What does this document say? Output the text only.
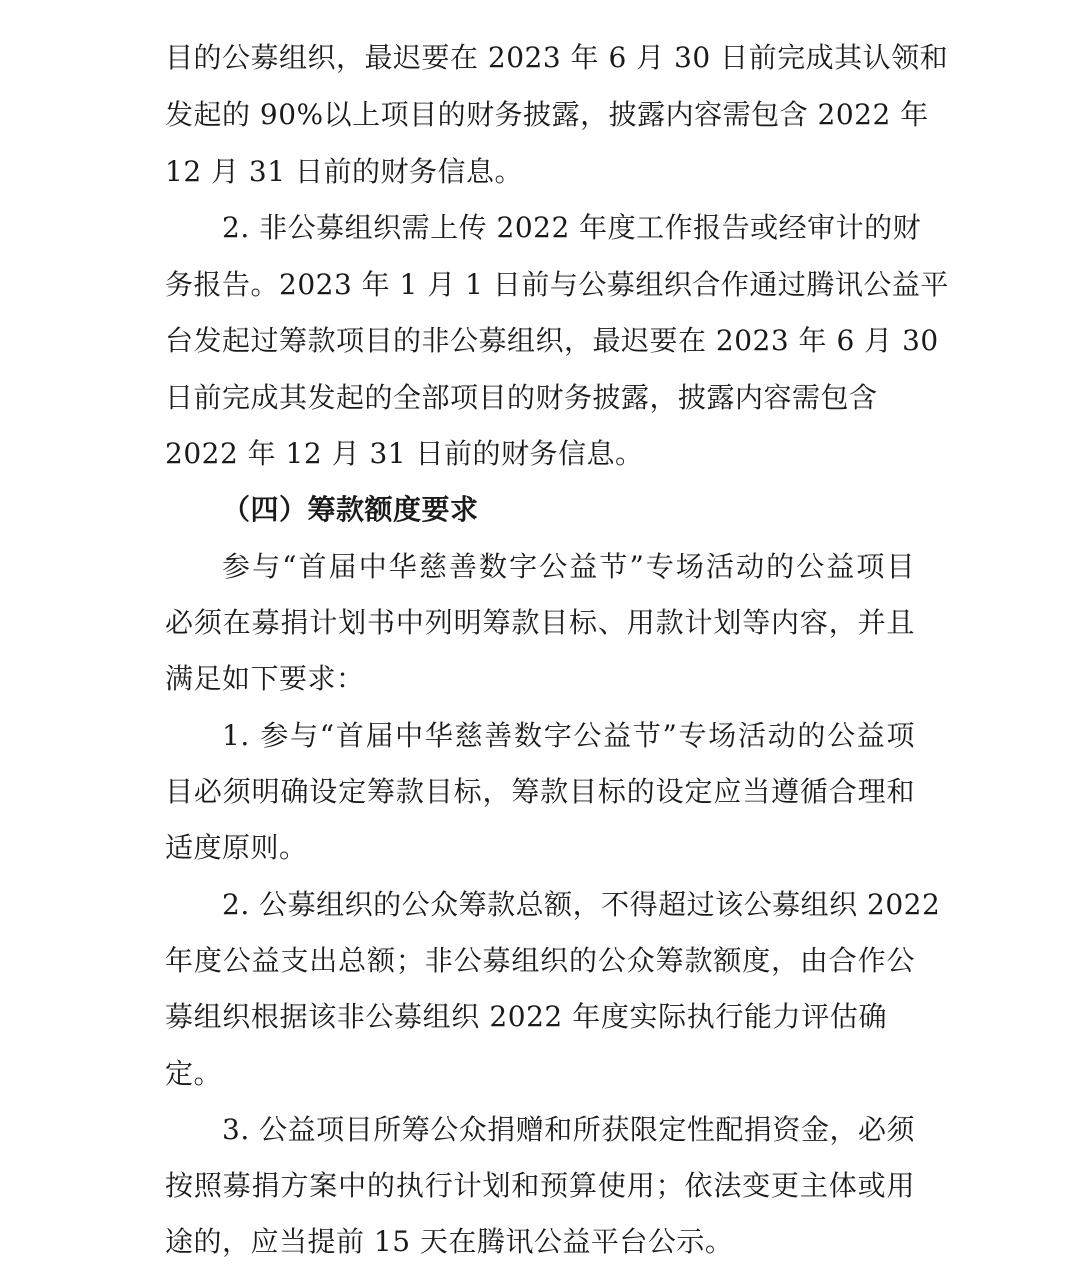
目的公募组织，最迟要在 2023 年 6 月 30 日前完成其认领和
发起的 90%以上项目的财务披露，披露内容需包含 2022 年
12 月 31 日前的财务信息。
2. 非公募组织需上传 2022 年度工作报告或经审计的财
务报告。2023 年 1 月 1 日前与公募组织合作通过腾讯公益平
台发起过筹款项目的非公募组织，最迟要在 2023 年 6 月 30
日前完成其发起的全部项目的财务披露，披露内容需包含
2022 年 12 月 31 日前的财务信息。
（四）筹款额度要求
参与“首届中华慈善数字公益节”专场活动的公益项目
必须在募捐计划书中列明筹款目标、用款计划等内容，并且
满足如下要求：
1. 参与“首届中华慈善数字公益节”专场活动的公益项
目必须明确设定筹款目标，筹款目标的设定应当遵循合理和
适度原则。
2. 公募组织的公众筹款总额，不得超过该公募组织 2022
年度公益支出总额；非公募组织的公众筹款额度，由合作公
募组织根据该非公募组织 2022 年度实际执行能力评估确
定。
3. 公益项目所筹公众捐赠和所获限定性配捐资金，必须
按照募捐方案中的执行计划和预算使用；依法变更主体或用
途的，应当提前 15 天在腾讯公益平台公示。
